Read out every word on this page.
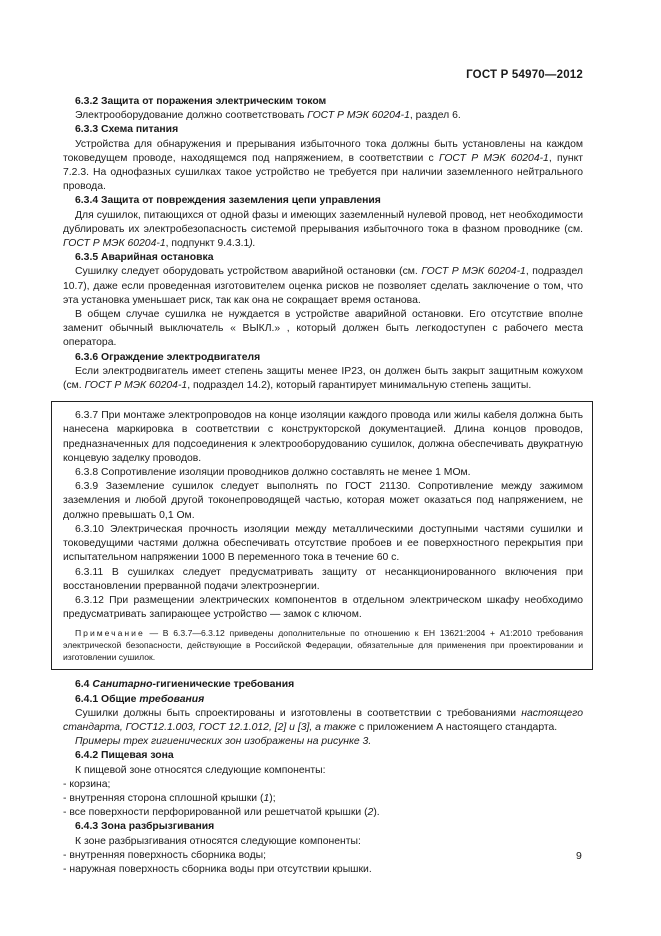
ГОСТ Р 54970—2012
6.3.2 Защита от поражения электрическим током
Электрооборудование должно соответствовать ГОСТ Р МЭК 60204-1, раздел 6.
6.3.3 Схема питания
Устройства для обнаружения и прерывания избыточного тока должны быть установлены на каждом токоведущем проводе, находящемся под напряжением, в соответствии с ГОСТ Р МЭК 60204-1, пункт 7.2.3. На однофазных сушилках такое устройство не требуется при наличии заземленного нейтрального провода.
6.3.4 Защита от повреждения заземления цепи управления
Для сушилок, питающихся от одной фазы и имеющих заземленный нулевой провод, нет необходимости дублировать их электробезопасность системой прерывания избыточного тока в фазном проводнике (см. ГОСТ Р МЭК 60204-1, подпункт 9.4.3.1).
6.3.5 Аварийная остановка
Сушилку следует оборудовать устройством аварийной остановки (см. ГОСТ Р МЭК 60204-1, подраздел 10.7), даже если проведенная изготовителем оценка рисков не позволяет сделать заключение о том, что эта установка уменьшает риск, так как она не сокращает время останова.
В общем случае сушилка не нуждается в устройстве аварийной остановки. Его отсутствие вполне заменит обычный выключатель « ВЫКЛ.» , который должен быть легкодоступен с рабочего места оператора.
6.3.6 Ограждение электродвигателя
Если электродвигатель имеет степень защиты менее IP23, он должен быть закрыт защитным кожухом (см. ГОСТ Р МЭК 60204-1, подраздел 14.2), который гарантирует минимальную степень защиты.
6.3.7 При монтаже электропроводов на конце изоляции каждого провода или жилы кабеля должна быть нанесена маркировка в соответствии с конструкторской документацией. Длина концов проводов, предназначенных для подсоединения к электрооборудованию сушилок, должна обеспечивать двукратную концевую заделку проводов.
6.3.8 Сопротивление изоляции проводников должно составлять не менее 1 МОм.
6.3.9 Заземление сушилок следует выполнять по ГОСТ 21130. Сопротивление между зажимом заземления и любой другой токонепроводящей частью, которая может оказаться под напряжением, не должно превышать 0,1 Ом.
6.3.10 Электрическая прочность изоляции между металлическими доступными частями сушилки и токоведущими частями должна обеспечивать отсутствие пробоев и ее поверхностного перекрытия при испытательном напряжении 1000 В переменного тока в течение 60 с.
6.3.11 В сушилках следует предусматривать защиту от несанкционированного включения при восстановлении прерванной подачи электроэнергии.
6.3.12 При размещении электрических компонентов в отдельном электрическом шкафу необходимо предусматривать запирающее устройство — замок с ключом.
Примечание — В 6.3.7—6.3.12 приведены дополнительные по отношению к ЕН 13621:2004 + А1:2010 требования электрической безопасности, действующие в Российской Федерации, обязательные для применения при проектировании и изготовлении сушилок.
6.4 Санитарно-гигиенические требования
6.4.1 Общие требования
Сушилки должны быть спроектированы и изготовлены в соответствии с требованиями настоящего стандарта, ГОСТ12.1.003, ГОСТ 12.1.012, [2] и [3], а также с приложением А настоящего стандарта.
Примеры трех гигиенических зон изображены на рисунке 3.
6.4.2 Пищевая зона
К пищевой зоне относятся следующие компоненты:
- корзина;
- внутренняя сторона сплошной крышки (1);
- все поверхности перфорированной или решетчатой крышки (2).
6.4.3 Зона разбрызгивания
К зоне разбрызгивания относятся следующие компоненты:
- внутренняя поверхность сборника воды;
- наружная поверхность сборника воды при отсутствии крышки.
9
